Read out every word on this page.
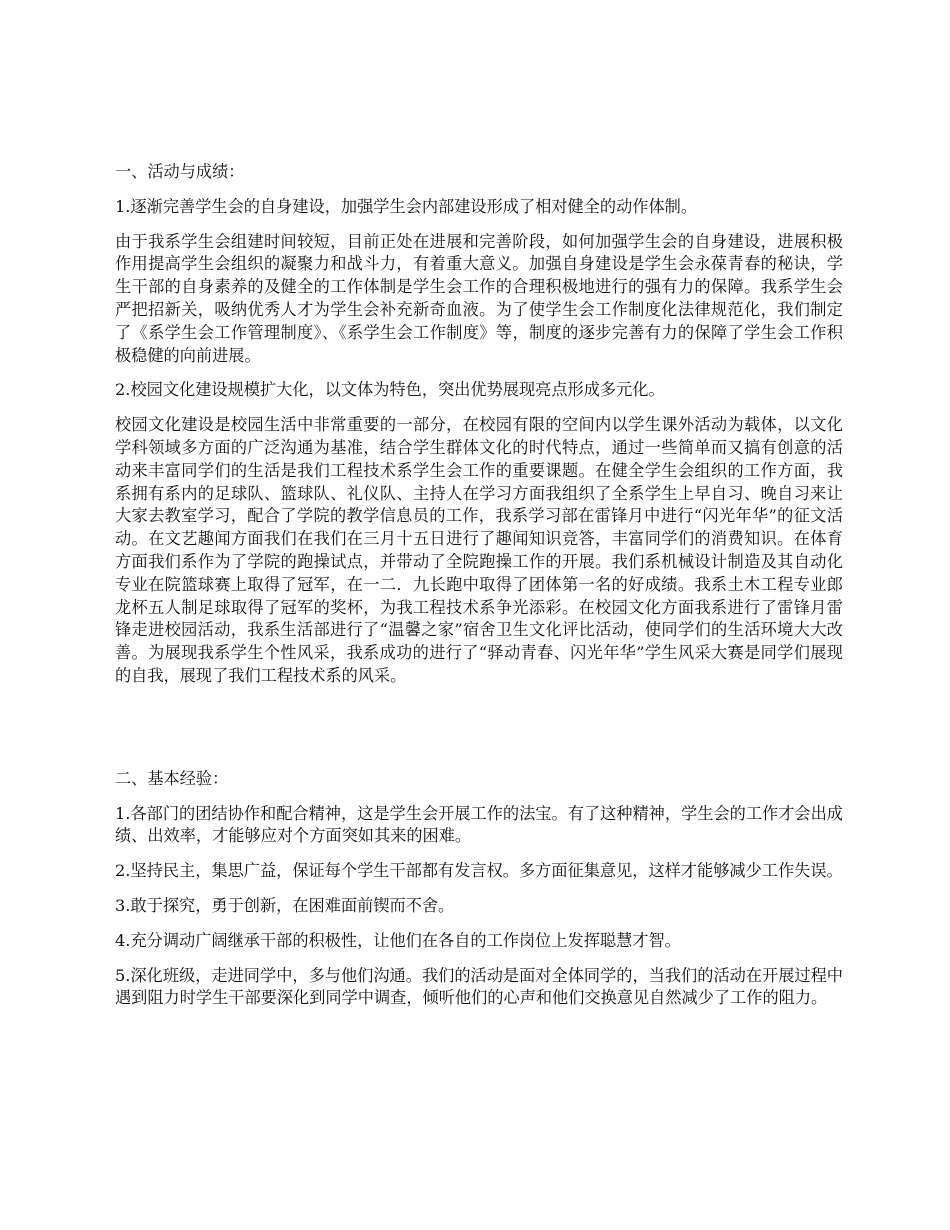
一、活动与成绩：

1.逐渐完善学生会的自身建设，加强学生会内部建设形成了相对健全的动作体制。

由于我系学生会组建时间较短，目前正处在进展和完善阶段，如何加强学生会的自身建设，进展积极作用提高学生会组织的凝聚力和战斗力，有着重大意义。加强自身建设是学生会永葆青春的秘诀，学生干部的自身素养的及健全的工作体制是学生会工作的合理积极地进行的强有力的保障。我系学生会严把招新关，吸纳优秀人才为学生会补充新奇血液。为了使学生会工作制度化法律规范化，我们制定了《系学生会工作管理制度》、《系学生会工作制度》等，制度的逐步完善有力的保障了学生会工作积极稳健的向前进展。

2.校园文化建设规模扩大化，以文体为特色，突出优势展现亮点形成多元化。

校园文化建设是校园生活中非常重要的一部分，在校园有限的空间内以学生课外活动为载体，以文化学科领域多方面的广泛沟通为基准，结合学生群体文化的时代特点，通过一些简单而又搞有创意的活动来丰富同学们的生活是我们工程技术系学生会工作的重要课题。在健全学生会组织的工作方面，我系拥有系内的足球队、篮球队、礼仪队、主持人在学习方面我组织了全系学生上早自习、晚自习来让大家去教室学习，配合了学院的教学信息员的工作，我系学习部在雷锋月中进行“闪光年华”的征文活动。在文艺趣闻方面我们在我们在三月十五日进行了趣闻知识竞答，丰富同学们的消费知识。在体育方面我们系作为了学院的跑操试点，并带动了全院跑操工作的开展。我们系机械设计制造及其自动化专业在院篮球赛上取得了冠军，在一二．九长跑中取得了团体第一名的好成绩。我系土木工程专业郎龙杯五人制足球取得了冠军的奖杯，为我工程技术系争光添彩。在校园文化方面我系进行了雷锋月雷锋走进校园活动，我系生活部进行了“温馨之家”宿舍卫生文化评比活动，使同学们的生活环境大大改善。为展现我系学生个性风采，我系成功的进行了“驿动青春、闪光年华”学生风采大赛是同学们展现的自我，展现了我们工程技术系的风采。

二、基本经验：

1.各部门的团结协作和配合精神，这是学生会开展工作的法宝。有了这种精神，学生会的工作才会出成绩、出效率，才能够应对个方面突如其来的困难。

2.坚持民主，集思广益，保证每个学生干部都有发言权。多方面征集意见，这样才能够减少工作失误。

3.敢于探究，勇于创新，在困难面前锲而不舍。

4.充分调动广阔继承干部的积极性，让他们在各自的工作岗位上发挥聪慧才智。

5.深化班级，走进同学中，多与他们沟通。我们的活动是面对全体同学的，当我们的活动在开展过程中遇到阻力时学生干部要深化到同学中调查，倾听他们的心声和他们交换意见自然减少了工作的阻力。
